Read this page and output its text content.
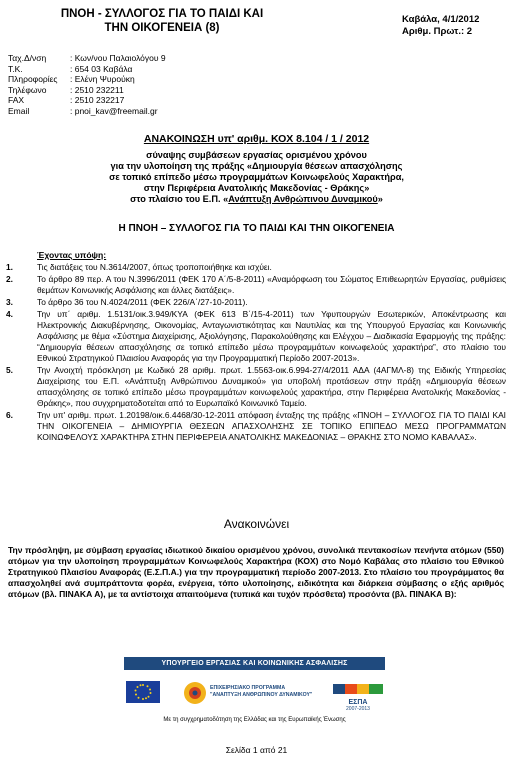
ΠΝΟΗ - ΣΥΛΛΟΓΟΣ ΓΙΑ ΤΟ ΠΑΙΔΙ ΚΑΙ
ΤΗΝ ΟΙΚΟΓΕΝΕΙΑ (8)
Καβάλα, 4/1/2012
Αριθμ. Πρωτ.: 2
Ταχ.Δ/νση	: Κων/νου Παλαιολόγου 9
Τ.Κ.	: 654 03 Καβάλα
Πληροφορίες	: Ελένη Ψυρούκη
Τηλέφωνο	: 2510 232211
FAX	: 2510 232217
Email	: pnoi_kav@freemail.gr
ΑΝΑΚΟΙΝΩΣΗ υπ' αριθμ. ΚΟΧ 8.104 / 1 / 2012
σύναψης συμβάσεων εργασίας ορισμένου χρόνου
για την υλοποίηση της πράξης «Δημιουργία θέσεων απασχόλησης
σε τοπικό επίπεδο μέσω προγραμμάτων Κοινωφελούς Χαρακτήρα,
στην Περιφέρεια Ανατολικής Μακεδονίας - Θράκης»
στο πλαίσιο του Ε.Π. «Ανάπτυξη Ανθρώπινου Δυναμικού»
Η ΠΝΟΗ – ΣΥΛΛΟΓΟΣ ΓΙΑ ΤΟ ΠΑΙΔΙ ΚΑΙ ΤΗΝ ΟΙΚΟΓΕΝΕΙΑ
Έχοντας υπόψη:
1.	Τις διατάξεις του Ν.3614/2007, όπως τροποποιήθηκε και ισχύει.
2.	Το άρθρο 89 περ. Α του Ν.3996/2011 (ΦΕΚ 170 Α΄/5-8-2011) «Αναμόρφωση του Σώματος Επιθεωρητών Εργασίας, ρυθμίσεις θεμάτων Κοινωνικής Ασφάλισης και άλλες διατάξεις».
3.	Το άρθρο 36 του Ν.4024/2011 (ΦΕΚ 226/Α΄/27-10-2011).
4.	Την υπ΄ αριθμ. 1.5131/οικ.3.949/ΚΥΑ (ΦΕΚ 613 Β΄/15-4-2011) των Υφυπουργών Εσωτερικών, Αποκέντρωσης και Ηλεκτρονικής Διακυβέρνησης, Οικονομίας, Ανταγωνιστικότητας και Ναυτιλίας και της Υπουργού Εργασίας και Κοινωνικής Ασφάλισης με θέμα «Σύστημα Διαχείρισης, Αξιολόγησης, Παρακολούθησης και Ελέγχου – Διαδικασία Εφαρμογής της πράξης: “Δημιουργία θέσεων απασχόλησης σε τοπικό επίπεδο μέσω προγραμμάτων κοινωφελούς χαρακτήρα”, στο πλαίσιο του Εθνικού Στρατηγικού Πλαισίου Αναφοράς για την Προγραμματική Περίοδο 2007-2013».
5.	Την Ανοιχτή πρόσκληση με Κωδικό 28 αριθμ. πρωτ. 1.5563-οικ.6.994-27/4/2011 ΑΔΑ (4ΑΓΜΛ-8) της Ειδικής Υπηρεσίας Διαχείρισης του Ε.Π. «Ανάπτυξη Ανθρώπινου Δυναμικού» για υποβολή προτάσεων στην πράξη «Δημιουργία θέσεων απασχόλησης σε τοπικό επίπεδο μέσω προγραμμάτων κοινωφελούς χαρακτήρα, στην Περιφέρεια Ανατολικής Μακεδονίας - Θράκης», που συγχρηματοδοτείται από το Ευρωπαϊκό Κοινωνικό Ταμείο.
6.	Την υπ' αριθμ. πρωτ. 1.20198/οικ.6.4468/30-12-2011 απόφαση ένταξης της πράξης «ΠΝΟΗ – ΣΥΛΛΟΓΟΣ ΓΙΑ ΤΟ ΠΑΙΔΙ ΚΑΙ ΤΗΝ ΟΙΚΟΓΕΝΕΙΑ – ΔΗΜΙΟΥΡΓΙΑ ΘΕΣΕΩΝ ΑΠΑΣΧΟΛΗΣΗΣ ΣΕ ΤΟΠΙΚΟ ΕΠΙΠΕΔΟ ΜΕΣΩ ΠΡΟΓΡΑΜΜΑΤΩΝ ΚΟΙΝΩΦΕΛΟΥΣ ΧΑΡΑΚΤΗΡΑ ΣΤΗΝ ΠΕΡΙΦΕΡΕΙΑ ΑΝΑΤΟΛΙΚΗΣ ΜΑΚΕΔΟΝΙΑΣ – ΘΡΑΚΗΣ ΣΤΟ ΝΟΜΟ ΚΑΒΑΛΑΣ».
Ανακοινώνει
Την πρόσληψη, με σύμβαση εργασίας ιδιωτικού δικαίου ορισμένου χρόνου, συνολικά πεντακοσίων πενήντα ατόμων (550) ατόμων για την υλοποίηση προγραμμάτων Κοινωφελούς Χαρακτήρα (ΚΟΧ) στο Νομό Καβάλας στο πλαίσιο του Εθνικού Στρατηγικού Πλαισίου Αναφοράς (Ε.Σ.Π.Α.) για την προγραμματική περίοδο 2007-2013. Στο πλαίσιο του προγράμματος θα απασχοληθεί ανά συμπράττοντα φορέα, ενέργεια, τόπο υλοποίησης, ειδικότητα και διάρκεια σύμβασης ο εξής αριθμός ατόμων (βλ. ΠΙΝΑΚΑ Α), με τα αντίστοιχα απαιτούμενα (τυπικά και τυχόν πρόσθετα) προσόντα (βλ. ΠΙΝΑΚΑ Β):
ΥΠΟΥΡΓΕΙΟ ΕΡΓΑΣΙΑΣ ΚΑΙ ΚΟΙΝΩΝΙΚΗΣ ΑΣΦΑΛΙΣΗΣ
ΕΠΙΧΕΙΡΗΣΙΑΚΟ ΠΡΟΓΡΑΜΜΑ
"ΑΝΑΠΤΥΞΗ ΑΝΘΡΩΠΙΝΟΥ ΔΥΝΑΜΙΚΟΥ"
ΕΣΠΑ
2007-2013
Με τη συγχρηματοδότηση της Ελλάδας και της Ευρωπαϊκής Ένωσης
Σελίδα 1 από 21
